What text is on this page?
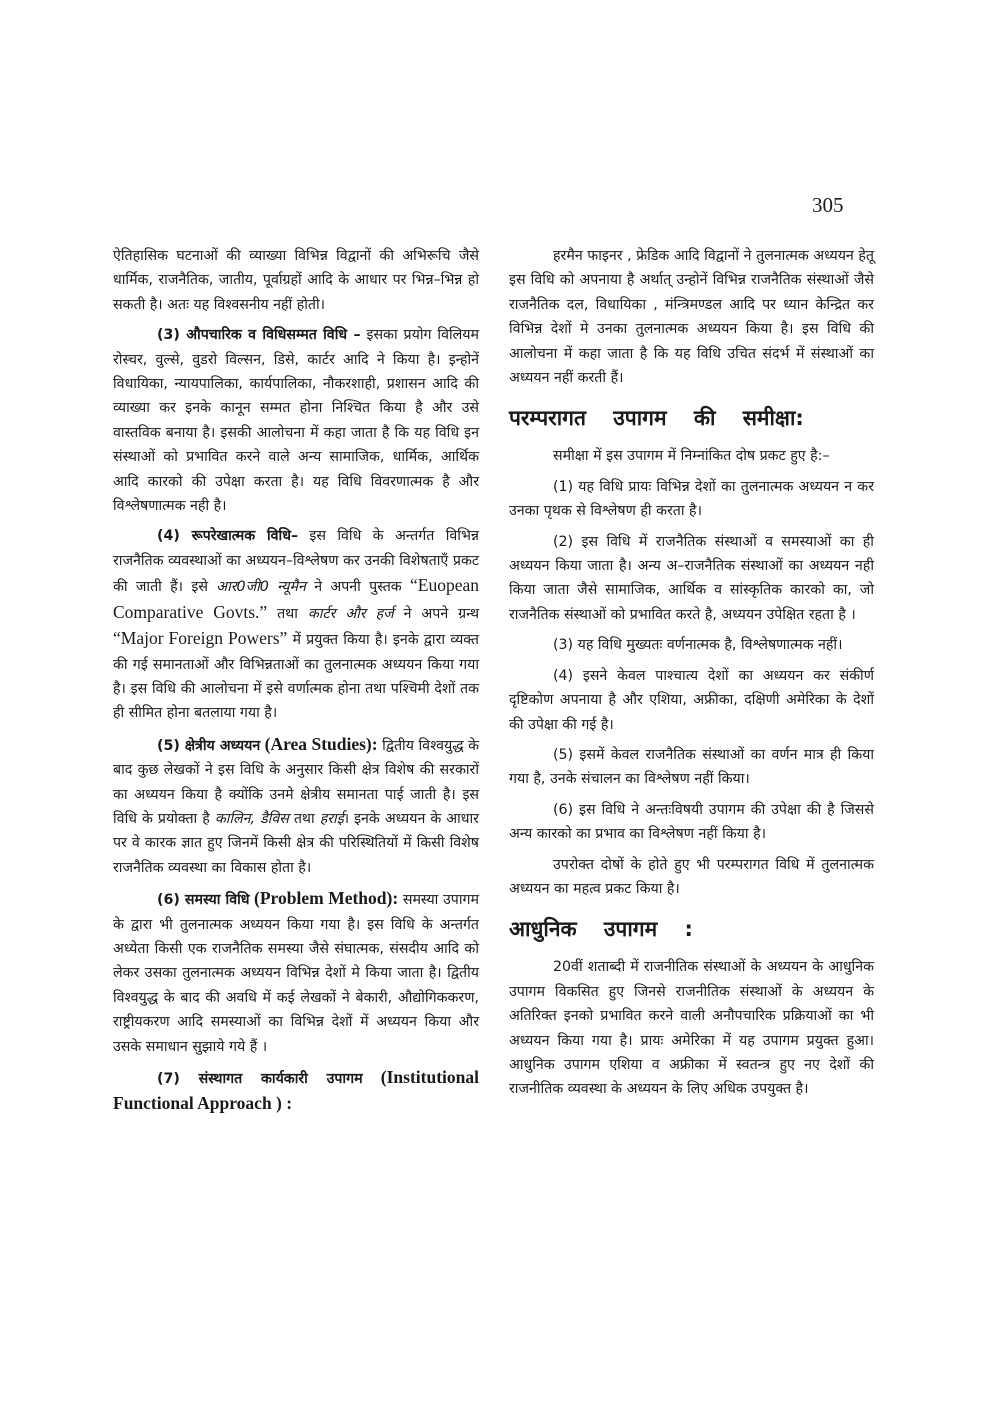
305

ऐतिहासिक घटनाओं की व्याख्या विभिन्न विद्वानों की अभिरूचि जैसे धार्मिक, राजनैतिक, जातीय, पूर्वाग्रहों आदि के आधार पर भिन्न–भिन्न हो सकती है। अतः यह विश्वसनीय नहीं होती।

(3) औपचारिक व विधिसम्मत विधि – इसका प्रयोग विलियम रोस्चर, वुल्से, वुडरो विल्सन, डिसे, कार्टर आदि ने किया है। इन्होनें विधायिका, न्यायपालिका, कार्यपालिका, नौकरशाही, प्रशासन आदि की व्याख्या कर इनके कानून सम्मत होना निश्चित किया है और उसे वास्तविक बनाया है। इसकी आलोचना में कहा जाता है कि यह विधि इन संस्थाओं को प्रभावित करने वाले अन्य सामाजिक, धार्मिक, आर्थिक आदि कारको की उपेक्षा करता है। यह विधि विवरणात्मक है और विश्लेषणात्मक नही है।

(4) रूपरेखात्मक विधि– इस विधि के अन्तर्गत विभिन्न राजनैतिक व्यवस्थाओं का अध्ययन–विश्लेषण कर उनकी विशेषताएँ प्रकट की जाती हैं। इसे आर0जी0 न्यूमैन ने अपनी पुस्तक “Euopean Comparative Govts.” तथा कार्टर और हर्ज ने अपने ग्रन्थ “Major Foreign Powers” में प्रयुक्त किया है। इनके द्वारा व्यक्त की गई समानताओं और विभिन्नताओं का तुलनात्मक अध्ययन किया गया है। इस विधि की आलोचना में इसे वर्णात्मक होना तथा पश्चिमी देशों तक ही सीमित होना बतलाया गया है।

(5) क्षेत्रीय अध्ययन (Area Studies): द्वितीय विश्वयुद्ध के बाद कुछ लेखकों ने इस विधि के अनुसार किसी क्षेत्र विशेष की सरकारों का अध्ययन किया है क्योंकि उनमे क्षेत्रीय समानता पाई जाती है। इस विधि के प्रयोक्ता है कालिन, डैविस तथा हराई। इनके अध्ययन के आधार पर वे कारक ज्ञात हुए जिनमें किसी क्षेत्र की परिस्थितियों में किसी विशेष राजनैतिक व्यवस्था का विकास होता है।

(6) समस्या विधि (Problem Method): समस्या उपागम के द्वारा भी तुलनात्मक अध्ययन किया गया है। इस विधि के अन्तर्गत अध्येता किसी एक राजनैतिक समस्या जैसे संघात्मक, संसदीय आदि को लेकर उसका तुलनात्मक अध्ययन विभिन्न देशों मे किया जाता है। द्वितीय विश्वयुद्ध के बाद की अवधि में कई लेखकों ने बेकारी, औद्योगिककरण, राष्ट्रीयकरण आदि समस्याओं का विभिन्न देशों में अध्ययन किया और उसके समाधान सुझाये गये हैं ।

(7) संस्थागत कार्यकारी उपागम (Institutional Functional Approach ) :

हरमैन फाइनर , फ्रेडिक आदि विद्वानों ने तुलनात्मक अध्ययन हेतू इस विधि को अपनाया है अर्थात् उन्होनें विभिन्न राजनैतिक संस्थाओं जैसे राजनैतिक दल, विधायिका , मंन्त्रिमण्डल आदि पर ध्यान केन्द्रित कर विभिन्न देशों मे उनका तुलनात्मक अध्ययन किया है। इस विधि की आलोचना में कहा जाता है कि यह विधि उचित संदर्भ में संस्थाओं का अध्ययन नहीं करती हैं।

परम्परागत उपागम की समीक्षा:

समीक्षा में इस उपागम में निम्नांकित दोष प्रकट हुए है:–

(1) यह विधि प्रायः विभिन्न देशों का तुलनात्मक अध्ययन न कर उनका पृथक से विश्लेषण ही करता है।

(2) इस विधि में राजनैतिक संस्थाओं व समस्याओं का ही अध्ययन किया जाता है। अन्य अ–राजनैतिक संस्थाओं का अध्ययन नही किया जाता जैसे सामाजिक, आर्थिक व सांस्कृतिक कारको का, जो राजनैतिक संस्थाओं को प्रभावित करते है, अध्ययन उपेक्षित रहता है ।

(3) यह विधि मुख्यतः वर्णनात्मक है, विश्लेषणात्मक नहीं।

(4) इसने केवल पाश्चात्य देशों का अध्ययन कर संकीर्ण दृष्टिकोण अपनाया है और एशिया, अफ्रीका, दक्षिणी अमेरिका के देशों की उपेक्षा की गई है।

(5) इसमें केवल राजनैतिक संस्थाओं का वर्णन मात्र ही किया गया है, उनके संचालन का विश्लेषण नहीं किया।

(6) इस विधि ने अन्तःविषयी उपागम की उपेक्षा की है जिससे अन्य कारको का प्रभाव का विश्लेषण नहीं किया है।

उपरोक्त दोषों के होते हुए भी परम्परागत विधि में तुलनात्मक अध्ययन का महत्व प्रकट किया है।

आधुनिक उपागम :

20वीं शताब्दी में राजनीतिक संस्थाओं के अध्ययन के आधुनिक उपागम विकसित हुए जिनसे राजनीतिक संस्थाओं के अध्ययन के अतिरिक्त इनको प्रभावित करने वाली अनौपचारिक प्रक्रियाओं का भी अध्ययन किया गया है। प्रायः अमेरिका में यह उपागम प्रयुक्त हुआ। आधुनिक उपागम एशिया व अफ्रीका में स्वतन्त्र हुए नए देशों की राजनीतिक व्यवस्था के अध्ययन के लिए अधिक उपयुक्त है।
